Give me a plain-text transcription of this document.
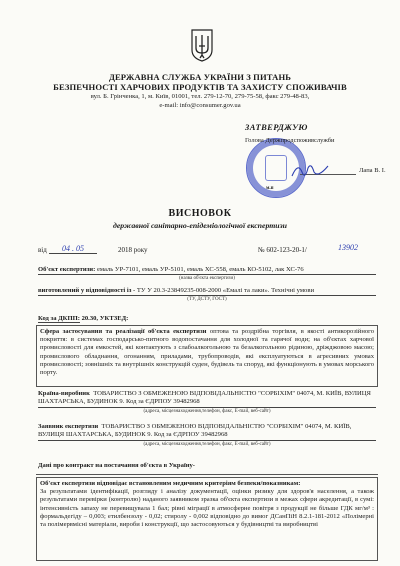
ДЕРЖАВНА СЛУЖБА УКРАЇНИ З ПИТАНЬ
БЕЗПЕЧНОСТІ ХАРЧОВИХ ПРОДУКТІВ ТА ЗАХИСТУ СПОЖИВАЧІВ
вул. Б. Грінченка, 1, м. Київ, 01001, тел. 279-12-70, 279-75-58, факс 279-48-83,
e-mail: info@consumer.gov.ua
ЗАТВЕРДЖУЮ
Голова Держпродспоживслужби
Лапа В. І.
м.п
ВИСНОВОК
державної санітарно-епідеміологічної експертизи
від	04 . 05	2018 року	№ 602-123-20-1/	13902
Об'єкт експертизи: емаль УР-7101, емаль УР-5101, емаль ХС-558, емаль КО-5102, лак ХС-76
(назва об'єкта експертизи)
виготовлений у відповідності із - ТУ У 20.3-23849235-008-2000 «Емалі та лаки». Технічні умови
(ТУ, ДСТУ, ГОСТ)
Код за ДКПП: 20.30, УКТЗЕД:
Сфера застосування та реалізації об'єкта експертизи оптова та роздрібна торгівля, в якості антикорозійного покриття: в системах господарсько-питного водопостачання для холодної та гарячої води; на об'єктах харчової промисловості для емкостей, які контактують з слабоалкогольною та безалкогольною рідиною, дріжджовою масою; промислового обладнання, огонанням, приладами, трубопроводів, які експлуатуються в агресивних умовах промисловості; зовнішніх та внутрішніх конструкцій суден, будівель та споруд, які функціонують в умовах морського порту.
Країна-виробник ТОВАРИСТВО З ОБМЕЖЕНОЮ ВІДПОВІДАЛЬНІСТЮ "СОРБІХІМ" 04074, М. КИЇВ, ВУЛИЦЯ ШАХТАРСЬКА, БУДИНОК 9. Код за ЄДРПОУ 39482968
(адреса, місцезнаходження,телефон, факс, E-mail, веб-сайт)
Заявник експертизи ТОВАРИСТВО З ОБМЕЖЕНОЮ ВІДПОВІДАЛЬНІСТЮ "СОРБІХІМ" 04074, М. КИЇВ, ВУЛИЦЯ ШАХТАРСЬКА, БУДИНОК 9. Код за ЄДРПОУ 39482968
(адреса, місцезнаходження,телефон, факс, E-mail, веб-сайт)
Дані про контракт на постачання об'єкта в Україну-
Об'єкт експертизи відповідає встановленим медичним критеріям безпеки/показникам:
За результатами ідентифікації, розгляду і аналізу документації, оцінки ризику для здоров'я населення, а також результатами перевірки (контролю) наданого заявником зразка об'єкта експертизи в межах сфери акредитації, в сумі: інтенсивність запаху не перевищувала 1 бал; рівні міграції в атмосферне повітря з продукції не більше ГДК мг/м³ : формальдегіду – 0,003; етилбензолу - 0,02; стиролу - 0,002 відповідно до вимог ДСанПіН 8.2.1-181-2012 «Полімерні та полімервмісні матеріали, вироби і конструкції, що застосовуються у будівництві та виробництві
